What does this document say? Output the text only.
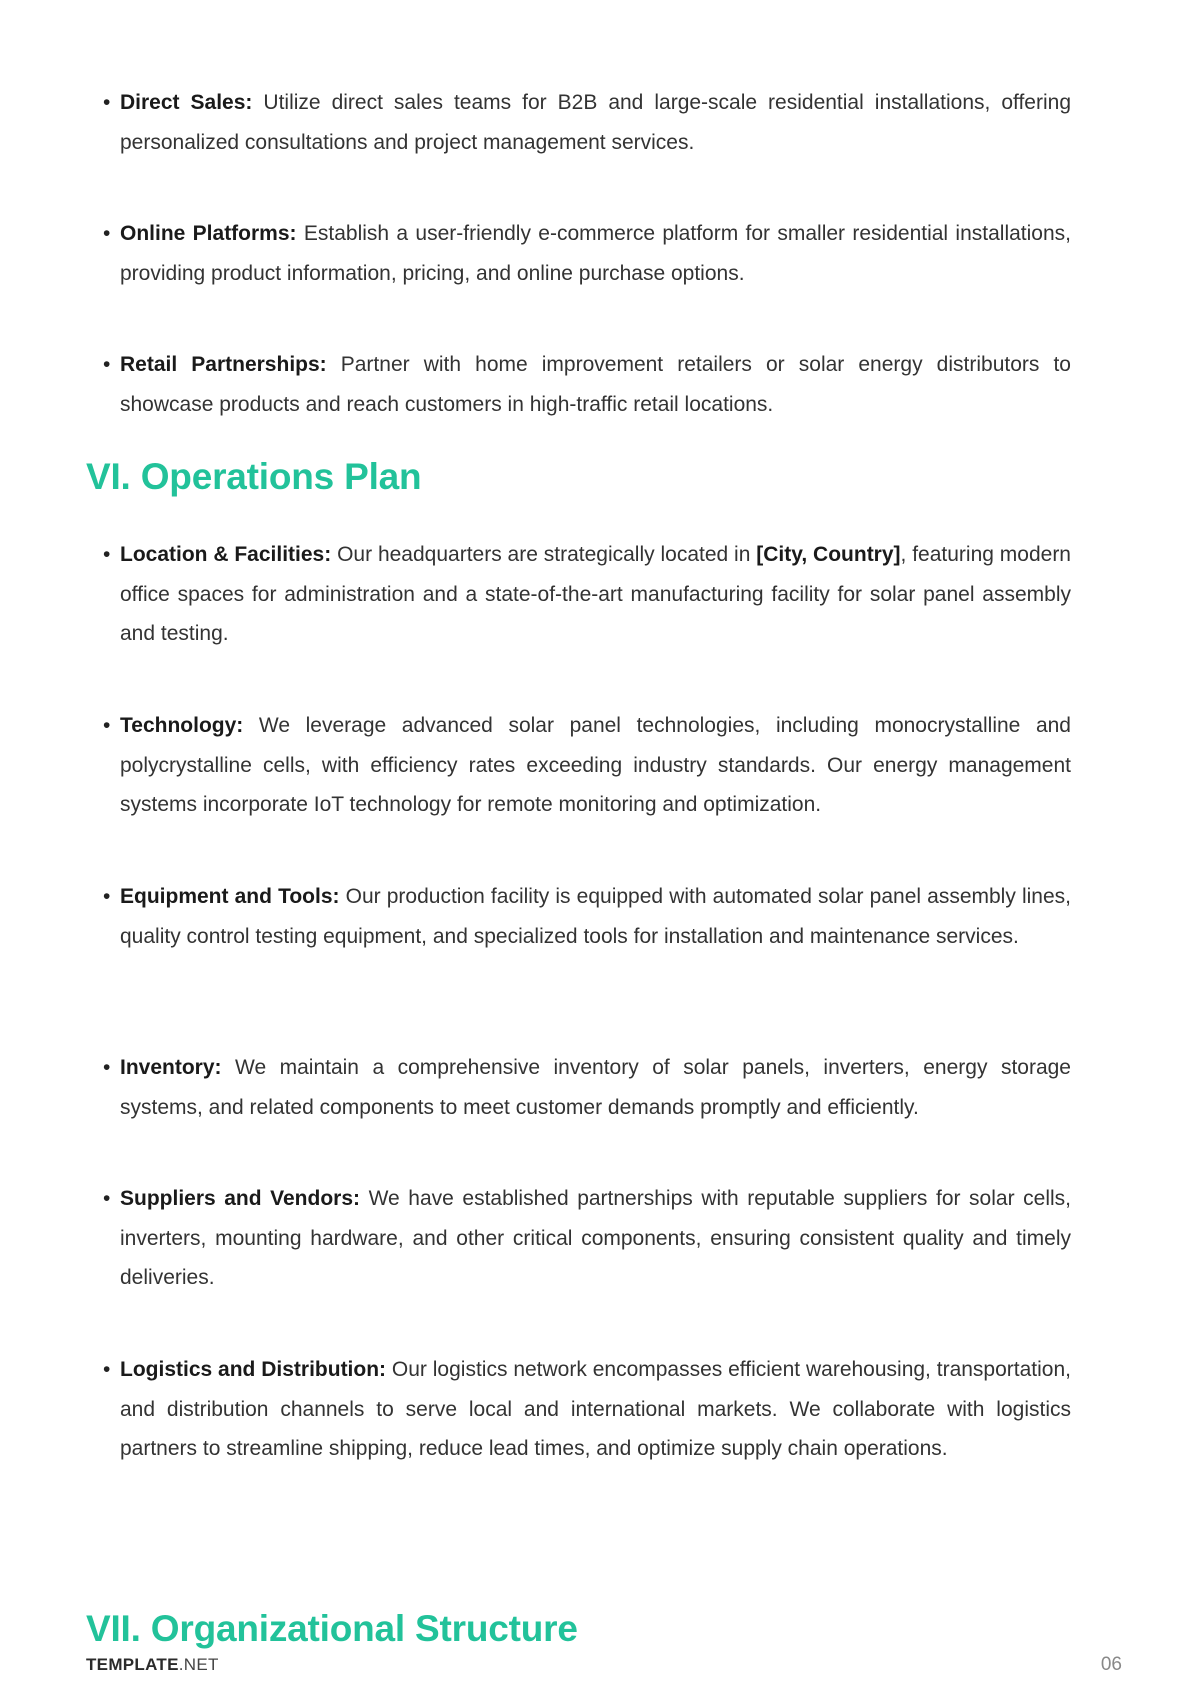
• Direct Sales: Utilize direct sales teams for B2B and large-scale residential installations, offering personalized consultations and project management services.
• Online Platforms: Establish a user-friendly e-commerce platform for smaller residential installations, providing product information, pricing, and online purchase options.
• Retail Partnerships: Partner with home improvement retailers or solar energy distributors to showcase products and reach customers in high-traffic retail locations.
VI. Operations Plan
• Location & Facilities: Our headquarters are strategically located in [City, Country], featuring modern office spaces for administration and a state-of-the-art manufacturing facility for solar panel assembly and testing.
• Technology: We leverage advanced solar panel technologies, including monocrystalline and polycrystalline cells, with efficiency rates exceeding industry standards. Our energy management systems incorporate IoT technology for remote monitoring and optimization.
• Equipment and Tools: Our production facility is equipped with automated solar panel assembly lines, quality control testing equipment, and specialized tools for installation and maintenance services.
• Inventory: We maintain a comprehensive inventory of solar panels, inverters, energy storage systems, and related components to meet customer demands promptly and efficiently.
• Suppliers and Vendors: We have established partnerships with reputable suppliers for solar cells, inverters, mounting hardware, and other critical components, ensuring consistent quality and timely deliveries.
• Logistics and Distribution: Our logistics network encompasses efficient warehousing, transportation, and distribution channels to serve local and international markets. We collaborate with logistics partners to streamline shipping, reduce lead times, and optimize supply chain operations.
VII. Organizational Structure
TEMPLATE.NET	06
